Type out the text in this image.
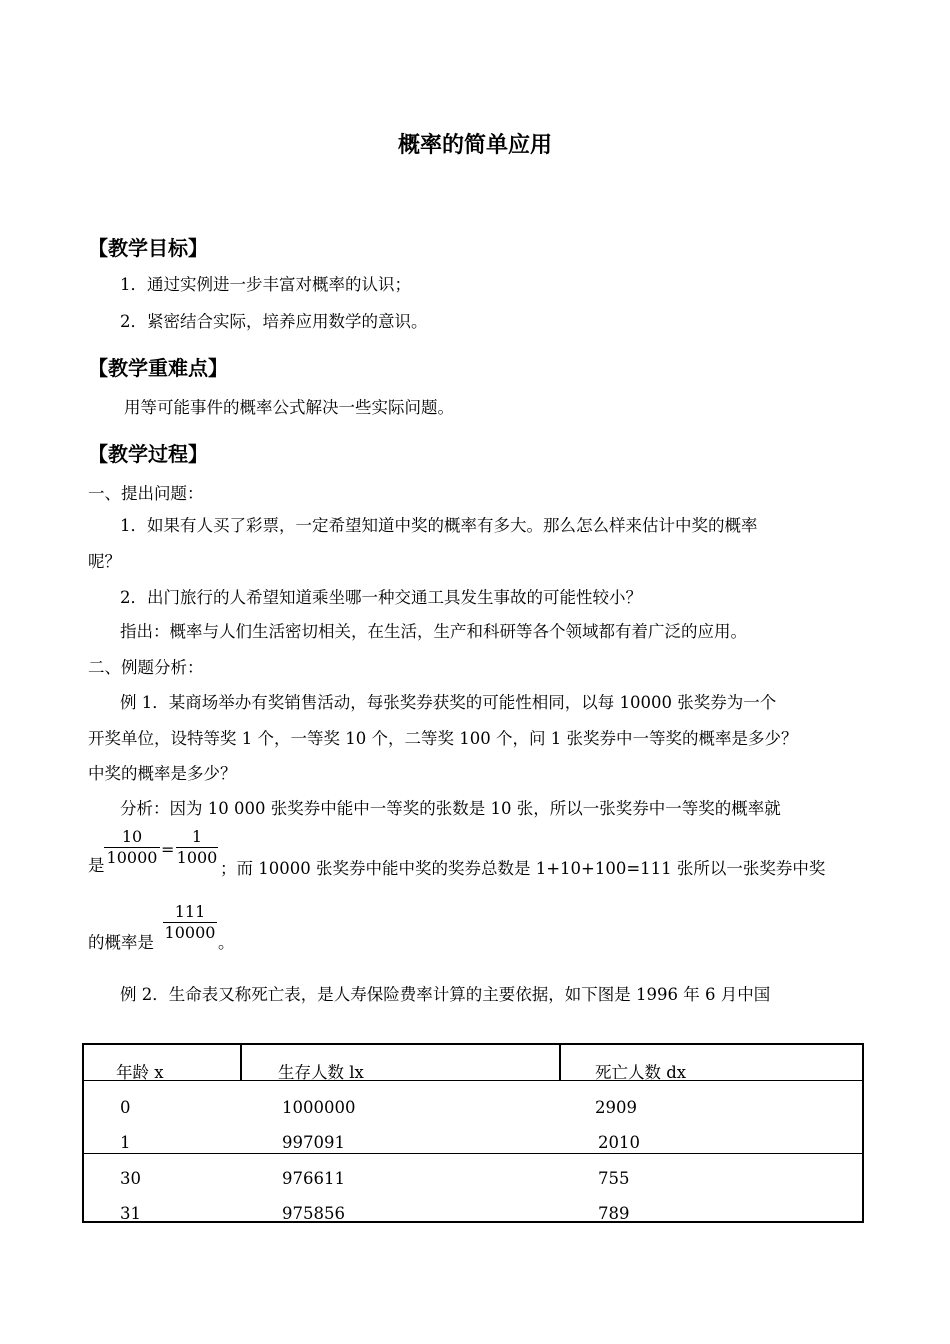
概率的简单应用
【教学目标】
1．通过实例进一步丰富对概率的认识；
2．紧密结合实际，培养应用数学的意识。
【教学重难点】
用等可能事件的概率公式解决一些实际问题。
【教学过程】
一、提出问题：
1．如果有人买了彩票，一定希望知道中奖的概率有多大。那么怎么样来估计中奖的概率
呢？
2．出门旅行的人希望知道乘坐哪一种交通工具发生事故的可能性较小？
指出：概率与人们生活密切相关，在生活，生产和科研等各个领域都有着广泛的应用。
二、例题分析：
例 1．某商场举办有奖销售活动，每张奖券获奖的可能性相同，以每 10000 张奖券为一个
开奖单位，设特等奖 1 个，一等奖 10 个，二等奖 100 个，问 1 张奖券中一等奖的概率是多少？
中奖的概率是多少？
分析：因为 10 000 张奖券中能中一等奖的张数是 10 张，所以一张奖券中一等奖的概率就
是
10
10000 =
1
1000
；而 10000 张奖券中能中奖的奖券总数是 1+10+100=111 张所以一张奖券中奖
的概率是
111
10000
。
例 2．生命表又称死亡表，是人寿保险费率计算的主要依据，如下图是 1996 年 6 月中国
年龄 x	生存人数 lx	死亡人数 dx
0	1000000	2909
1	997091	2010
30	976611	755
31	975856	789
